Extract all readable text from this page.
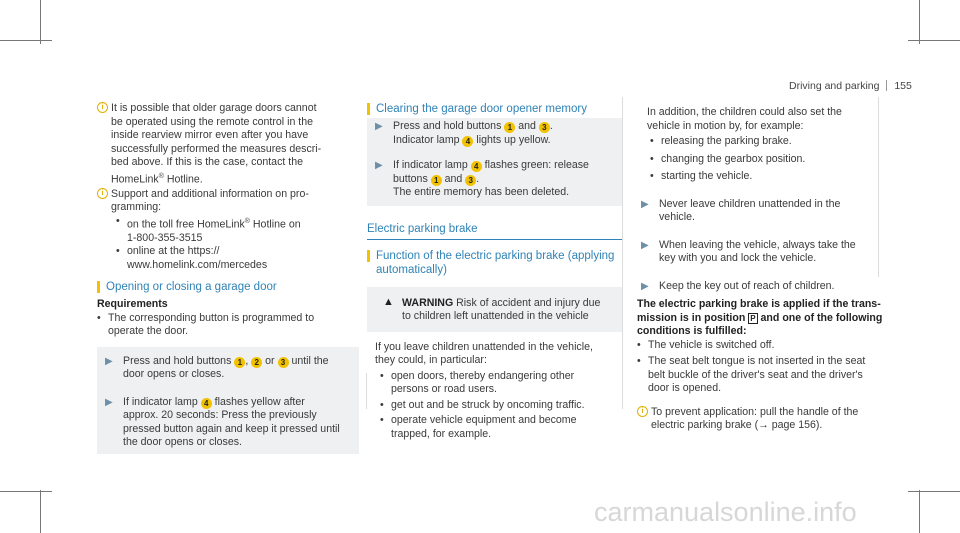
Driving and parking 155
i It is possible that older garage doors cannot
be operated using the remote control in the
inside rearview mirror even after you have
successfully performed the measures descri-
bed above. If this is the case, contact the
HomeLink® Hotline.
i Support and additional information on pro-
gramming:
• on the toll free HomeLink® Hotline on
1-800-355-3515
• online at the https://
www.homelink.com/mercedes
Opening or closing a garage door
Requirements
• The corresponding button is programmed to
operate the door.
▶ Press and hold buttons 1 , 2 or 3 until the
door opens or closes.
▶ If indicator lamp 4 flashes yellow after
approx. 20 seconds: Press the previously
pressed button again and keep it pressed until
the door opens or closes.
Clearing the garage door opener memory
▶ Press and hold buttons 1 and 3 .
Indicator lamp 4 lights up yellow.
▶ If indicator lamp 4 flashes green: release
buttons 1 and 3 .
The entire memory has been deleted.
Electric parking brake
Function of the electric parking brake (applying
automatically)
▲ WARNING Risk of accident and injury due
to children left unattended in the vehicle
If you leave children unattended in the vehicle,
they could, in particular:
• open doors, thereby endangering other
persons or road users.
• get out and be struck by oncoming traffic.
• operate vehicle equipment and become
trapped, for example.
In addition, the children could also set the
vehicle in motion by, for example:
• releasing the parking brake.
• changing the gearbox position.
• starting the vehicle.
▶ Never leave children unattended in the
vehicle.
▶ When leaving the vehicle, always take the
key with you and lock the vehicle.
▶ Keep the key out of reach of children.
The electric parking brake is applied if the trans-
mission is in position P and one of the following
conditions is fulfilled:
• The vehicle is switched off.
• The seat belt tongue is not inserted in the seat
belt buckle of the driver's seat and the driver's
door is opened.
i To prevent application: pull the handle of the
electric parking brake (→ page 156).
carmanualsonline.info
